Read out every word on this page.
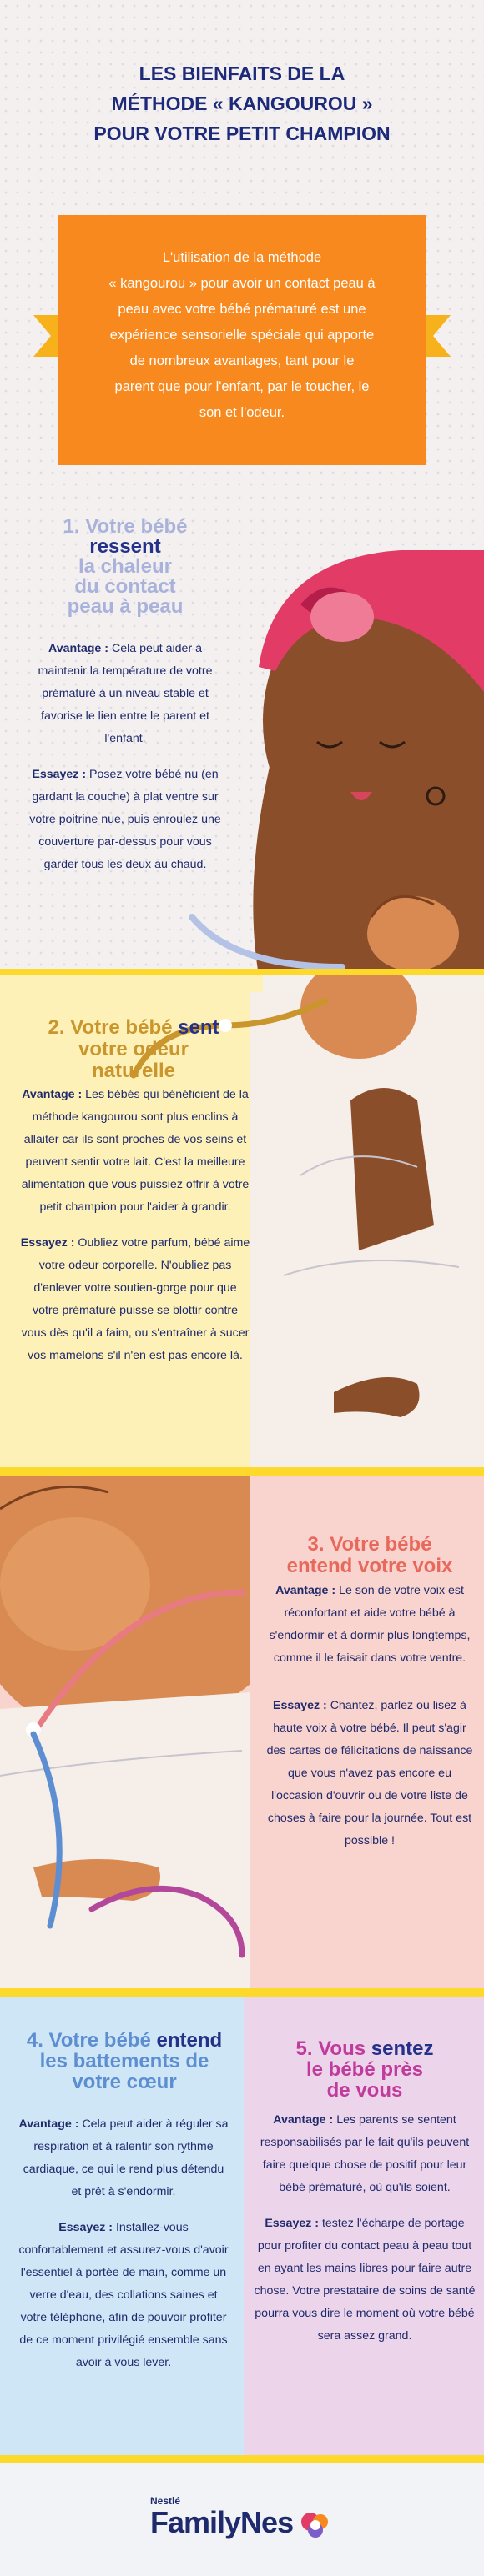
LES BIENFAITS DE LA
MÉTHODE « KANGOUROU »
POUR VOTRE PETIT CHAMPION
L'utilisation de la méthode
« kangourou » pour avoir un contact peau à
peau avec votre bébé prématuré est une
expérience sensorielle spéciale qui apporte
de nombreux avantages, tant pour le
parent que pour l'enfant, par le toucher, le
son et l'odeur.
1. Votre bébé
ressent
la chaleur
du contact
peau à peau

Avantage : Cela peut aider à maintenir la température de votre prématuré à un niveau stable et favorise le lien entre le parent et l'enfant.

Essayez : Posez votre bébé nu (en gardant la couche) à plat ventre sur votre poitrine nue, puis enroulez une couverture par-dessus pour vous garder tous les deux au chaud.

2. Votre bébé sent
votre odeur
naturelle

Avantage : Les bébés qui bénéficient de la méthode kangourou sont plus enclins à allaiter car ils sont proches de vos seins et peuvent sentir votre lait. C'est la meilleure alimentation que vous puissiez offrir à votre petit champion pour l'aider à grandir.

Essayez : Oubliez votre parfum, bébé aime votre odeur corporelle. N'oubliez pas d'enlever votre soutien-gorge pour que votre prématuré puisse se blottir contre vous dès qu'il a faim, ou s'entraîner à sucer vos mamelons s'il n'en est pas encore là.

3. Votre bébé
entend votre voix

Avantage : Le son de votre voix est réconfortant et aide votre bébé à s'endormir et à dormir plus longtemps, comme il le faisait dans votre ventre.

Essayez : Chantez, parlez ou lisez à haute voix à votre bébé. Il peut s'agir des cartes de félicitations de naissance que vous n'avez pas encore eu l'occasion d'ouvrir ou de votre liste de choses à faire pour la journée. Tout est possible !

4. Votre bébé entend
les battements de
votre cœur

Avantage : Cela peut aider à réguler sa respiration et à ralentir son rythme cardiaque, ce qui le rend plus détendu et prêt à s'endormir.

Essayez : Installez-vous confortablement et assurez-vous d'avoir l'essentiel à portée de main, comme un verre d'eau, des collations saines et votre téléphone, afin de pouvoir profiter de ce moment privilégié ensemble sans avoir à vous lever.

5. Vous sentez
le bébé près
de vous

Avantage : Les parents se sentent responsabilisés par le fait qu'ils peuvent faire quelque chose de positif pour leur bébé prématuré, où qu'ils soient.

Essayez : testez l'écharpe de portage pour profiter du contact peau à peau tout en ayant les mains libres pour faire autre chose. Votre prestataire de soins de santé pourra vous dire le moment où votre bébé sera assez grand.

Nestlé
FamilyNes
